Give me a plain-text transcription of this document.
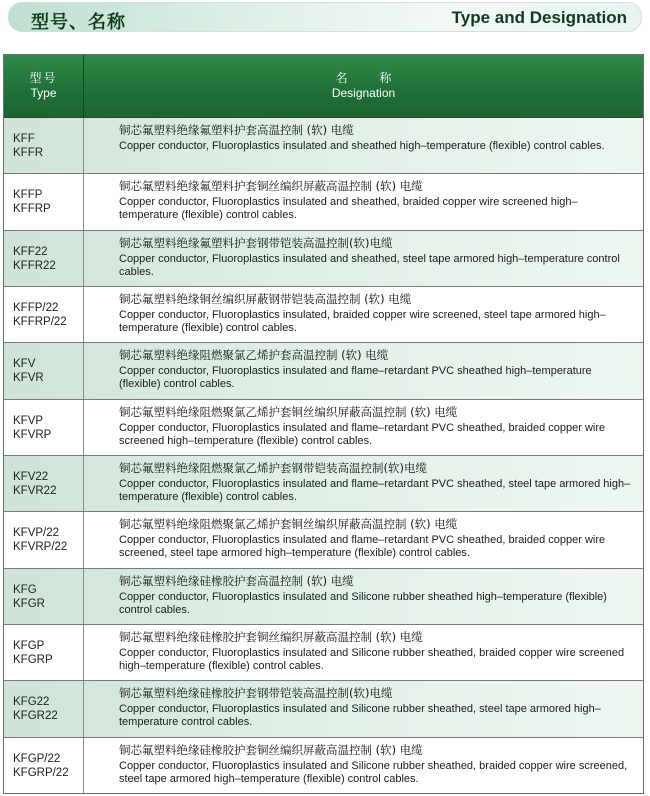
型号、名称	Type and Designation
型号
Type
名 称
Designation
KFF
KFFR
铜芯氟塑料绝缘氟塑料护套高温控制 (软) 电缆
Copper conductor, Fluoroplastics insulated and sheathed high–temperature (flexible) control cables.
KFFP
KFFRP
铜芯氟塑料绝缘氟塑料护套铜丝编织屏蔽高温控制 (软) 电缆
Copper conductor, Fluoroplastics insulated and sheathed, braided copper wire screened high–temperature (flexible) control cables.
KFF22
KFFR22
铜芯氟塑料绝缘氟塑料护套钢带铠装高温控制(软)电缆
Copper conductor, Fluoroplastics insulated and sheathed, steel tape armored high–temperature control cables.
KFFP/22
KFFRP/22
铜芯氟塑料绝缘铜丝编织屏蔽钢带铠装高温控制 (软) 电缆
Copper conductor, Fluoroplastics insulated, braided copper wire screened, steel tape armored high–temperature (flexible) control cables.
KFV
KFVR
铜芯氟塑料绝缘阻燃聚氯乙烯护套高温控制 (软) 电缆
Copper conductor, Fluoroplastics insulated and flame–retardant PVC sheathed high–temperature (flexible) control cables.
KFVP
KFVRP
铜芯氟塑料绝缘阻燃聚氯乙烯护套铜丝编织屏蔽高温控制 (软) 电缆
Copper conductor, Fluoroplastics insulated and flame–retardant PVC sheathed, braided copper wire screened high–temperature (flexible) control cables.
KFV22
KFVR22
铜芯氟塑料绝缘阻燃聚氯乙烯护套钢带铠装高温控制(软)电缆
Copper conductor, Fluoroplastics insulated and flame–retardant PVC sheathed, steel tape armored high–temperature (flexible) control cables.
KFVP/22
KFVRP/22
铜芯氟塑料绝缘阻燃聚氯乙烯护套铜丝编织屏蔽高温控制 (软) 电缆
Copper conductor, Fluoroplastics insulated and flame–retardant PVC sheathed, braided copper wire screened, steel tape armored high–temperature (flexible) control cables.
KFG
KFGR
铜芯氟塑料绝缘硅橡胶护套高温控制 (软) 电缆
Copper conductor, Fluoroplastics insulated and Silicone rubber sheathed high–temperature (flexible) control cables.
KFGP
KFGRP
铜芯氟塑料绝缘硅橡胶护套铜丝编织屏蔽高温控制 (软) 电缆
Copper conductor, Fluoroplastics insulated and Silicone rubber sheathed, braided copper wire screened high–temperature (flexible) control cables.
KFG22
KFGR22
铜芯氟塑料绝缘硅橡胶护套钢带铠装高温控制(软)电缆
Copper conductor, Fluoroplastics insulated and Silicone rubber sheathed, steel tape armored high–temperature control cables.
KFGP/22
KFGRP/22
铜芯氟塑料绝缘硅橡胶护套铜丝编织屏蔽高温控制 (软) 电缆
Copper conductor, Fluoroplastics insulated and Silicone rubber sheathed, braided copper wire screened, steel tape armored high–temperature (flexible) control cables.
